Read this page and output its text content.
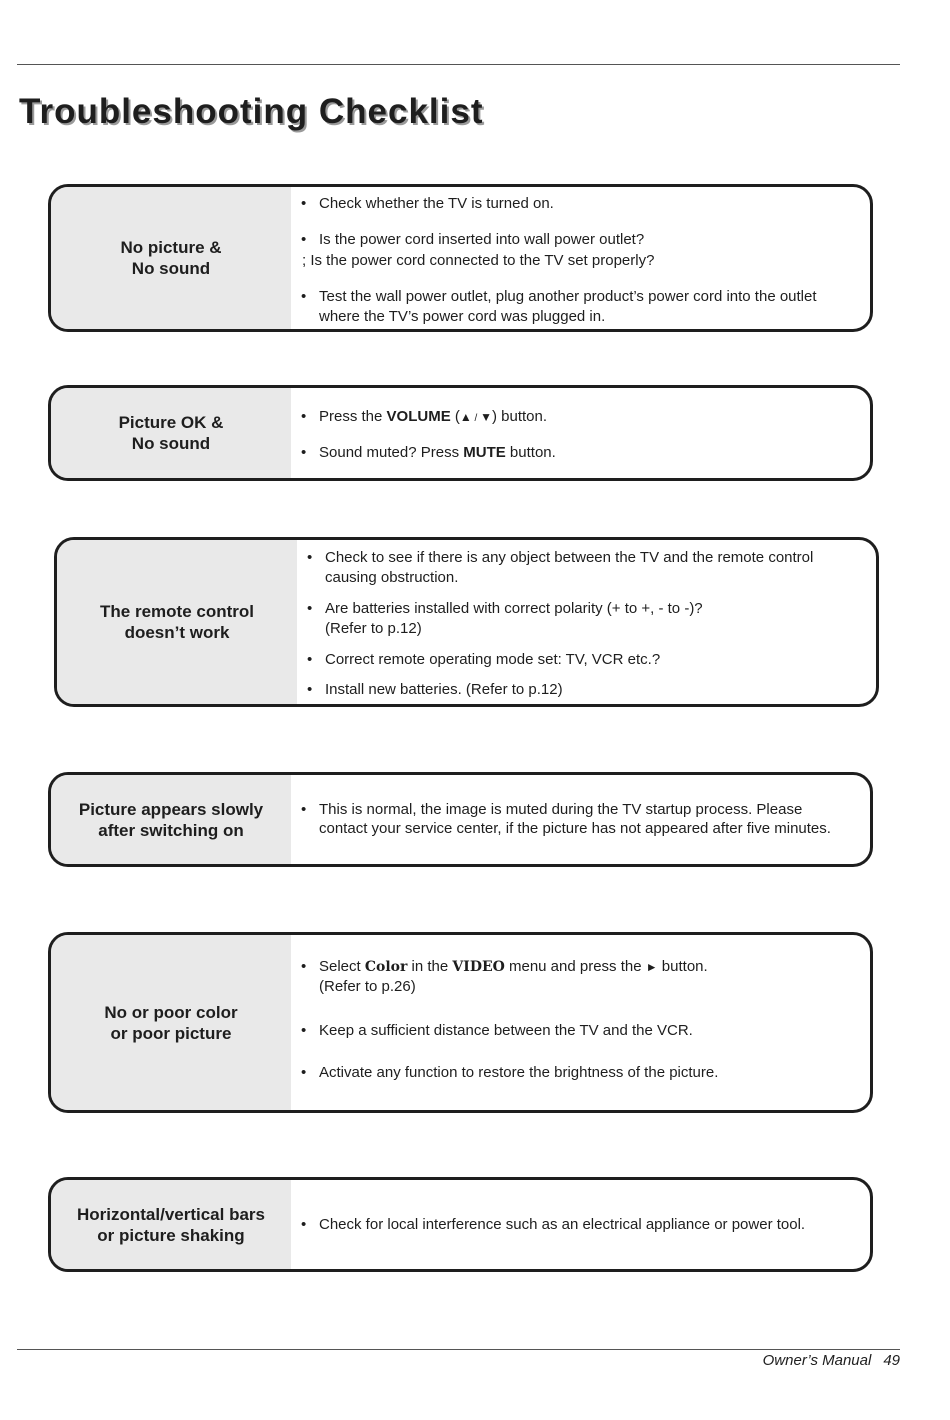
Troubleshooting Checklist
No picture &
No sound
• Check whether the TV is turned on.
• Is the power cord inserted into wall power outlet?
; Is the power cord connected to the TV set properly?
• Test the wall power outlet, plug another product’s power cord into the outlet
where the TV’s power cord was plugged in.
Picture OK &
No sound
• Press the VOLUME (▲ / ▼) button.
• Sound muted? Press MUTE button.
The remote control
doesn’t work
• Check to see if there is any object between the TV and the remote control
causing obstruction.
• Are batteries installed with correct polarity (+ to +, - to -)?
(Refer to p.12)
• Correct remote operating mode set: TV, VCR etc.?
• Install new batteries. (Refer to p.12)
Picture appears slowly
after switching on
• This is normal, the image is muted during the TV startup process. Please
contact your service center, if the picture has not appeared after five minutes.
No or poor color
or poor picture
• Select Color in the VIDEO menu and press the ► button.
(Refer to p.26)
• Keep a sufficient distance between the TV and the VCR.
• Activate any function to restore the brightness of the picture.
Horizontal/vertical bars
or picture shaking
• Check for local interference such as an electrical appliance or power tool.
Owner’s Manual 49
